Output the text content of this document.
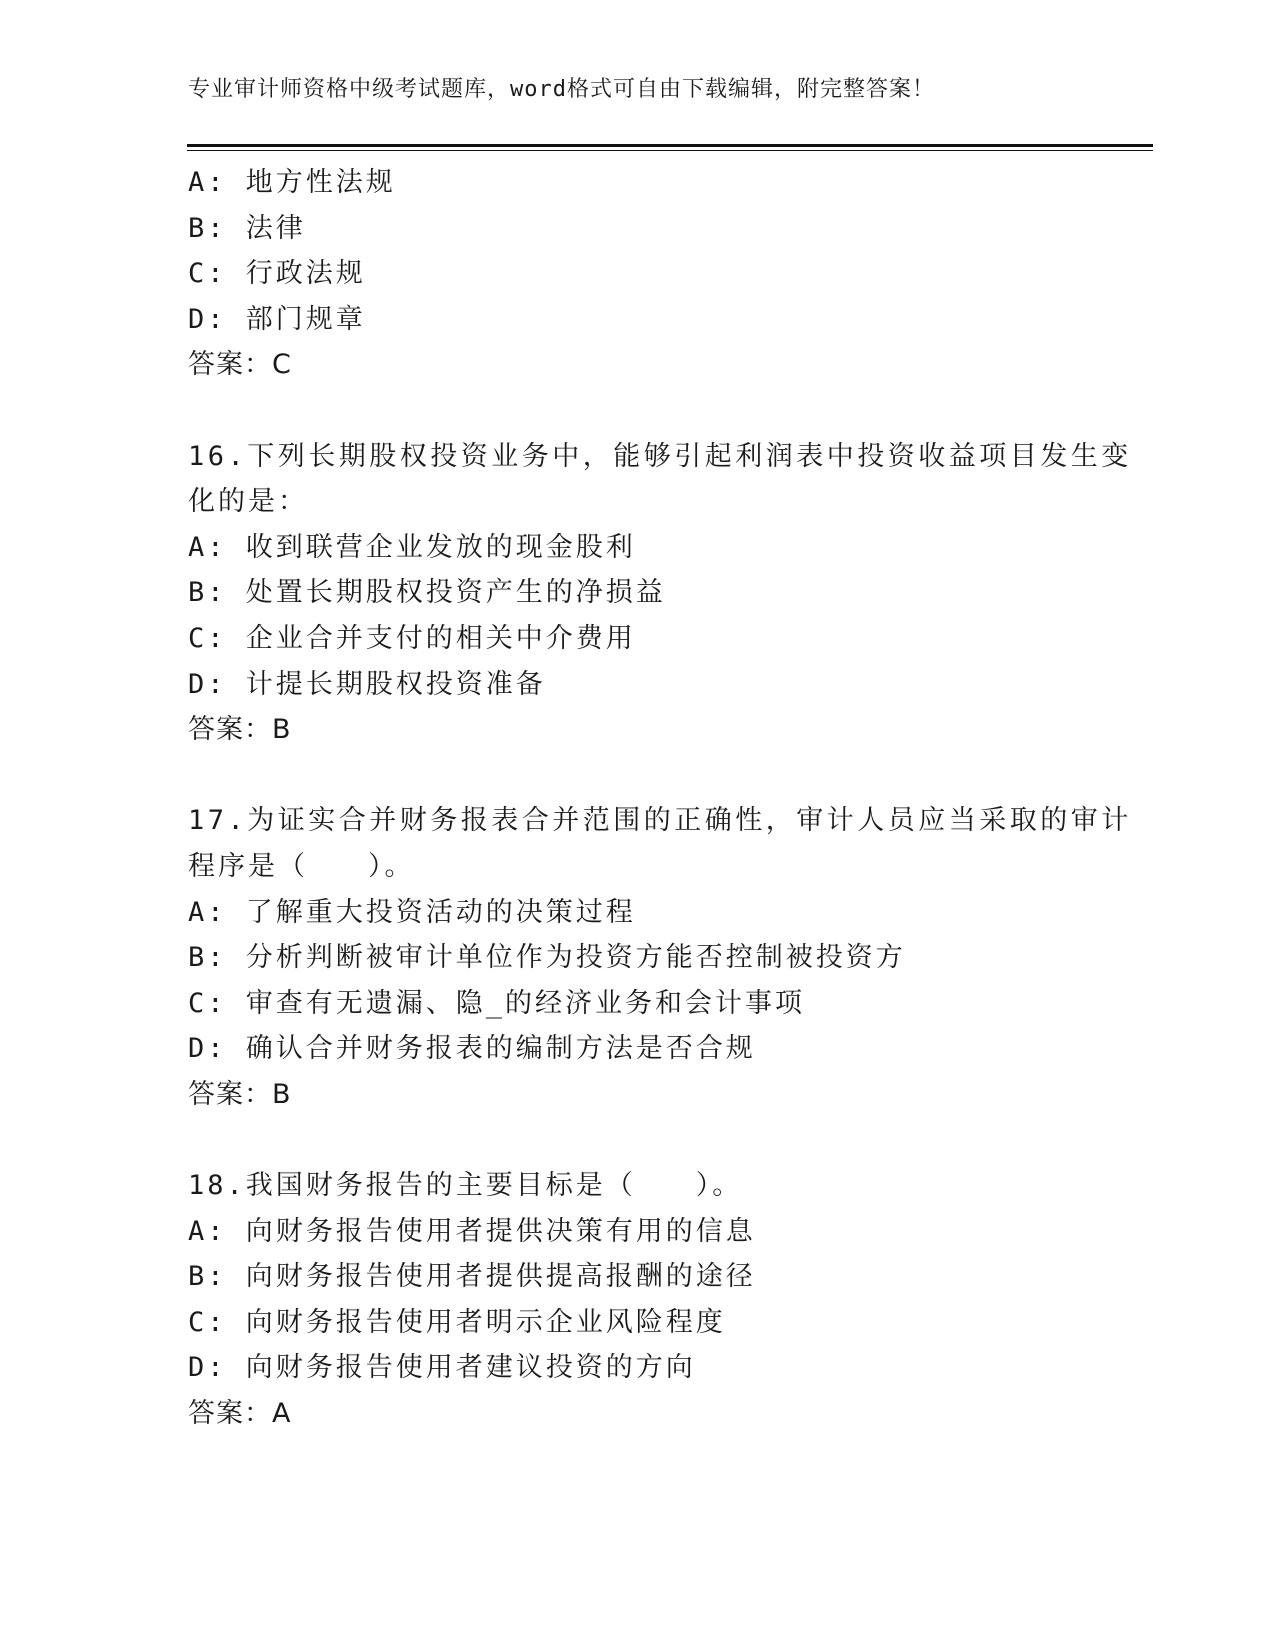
专业审计师资格中级考试题库，word格式可自由下载编辑，附完整答案！
A: 地方性法规
B: 法律
C: 行政法规
D: 部门规章
答案：C
16.下列长期股权投资业务中，能够引起利润表中投资收益项目发生变
化的是：
A: 收到联营企业发放的现金股利
B: 处置长期股权投资产生的净损益
C: 企业合并支付的相关中介费用
D: 计提长期股权投资准备
答案：B
17.为证实合并财务报表合并范围的正确性，审计人员应当采取的审计
程序是（　　）。
A: 了解重大投资活动的决策过程
B: 分析判断被审计单位作为投资方能否控制被投资方
C: 审查有无遗漏、隐_的经济业务和会计事项
D: 确认合并财务报表的编制方法是否合规
答案：B
18.我国财务报告的主要目标是（　　）。
A: 向财务报告使用者提供决策有用的信息
B: 向财务报告使用者提供提高报酬的途径
C: 向财务报告使用者明示企业风险程度
D: 向财务报告使用者建议投资的方向
答案：A
